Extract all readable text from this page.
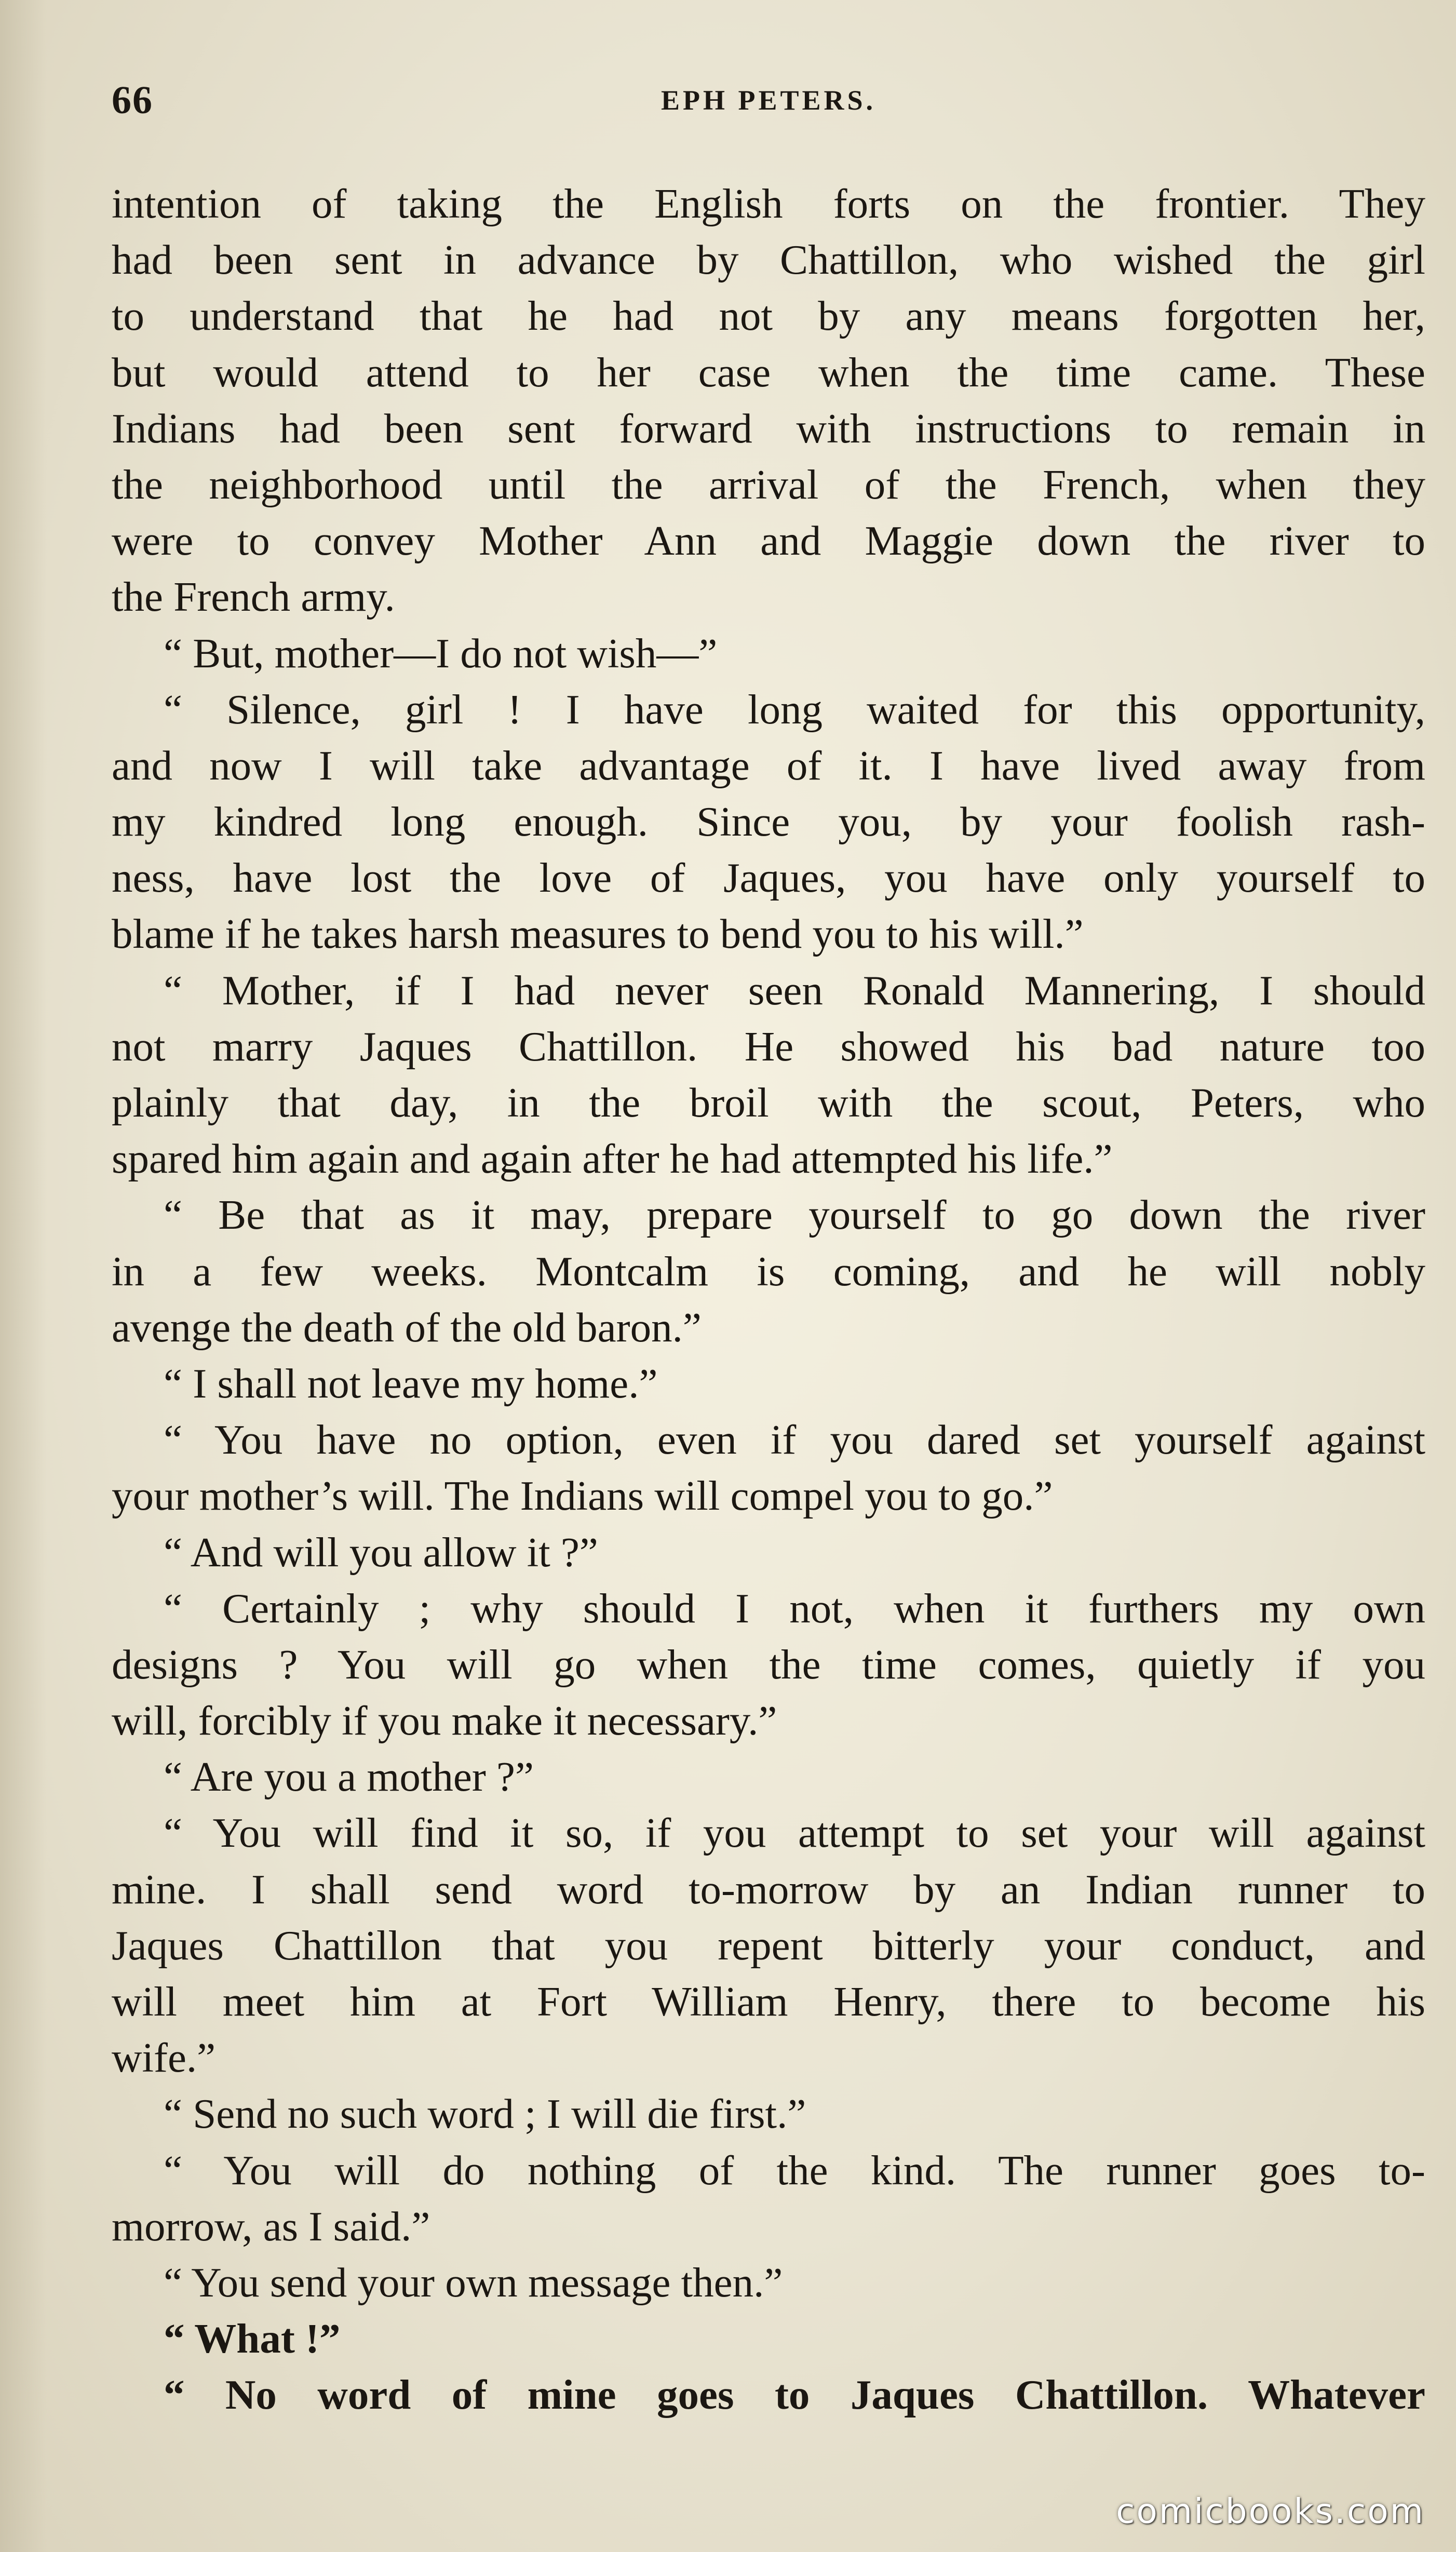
66	EPH PETERS.
intention of taking the English forts on the frontier. They
had been sent in advance by Chattillon, who wished the girl
to understand that he had not by any means forgotten her,
but would attend to her case when the time came. These
Indians had been sent forward with instructions to remain in
the neighborhood until the arrival of the French, when they
were to convey Mother Ann and Maggie down the river to
the French army.
“ But, mother—I do not wish—”
“ Silence, girl ! I have long waited for this opportunity,
and now I will take advantage of it. I have lived away from
my kindred long enough. Since you, by your foolish rash-
ness, have lost the love of Jaques, you have only yourself to
blame if he takes harsh measures to bend you to his will.”
“ Mother, if I had never seen Ronald Mannering, I should
not marry Jaques Chattillon. He showed his bad nature too
plainly that day, in the broil with the scout, Peters, who
spared him again and again after he had attempted his life.”
“ Be that as it may, prepare yourself to go down the river
in a few weeks. Montcalm is coming, and he will nobly
avenge the death of the old baron.”
“ I shall not leave my home.”
“ You have no option, even if you dared set yourself against
your mother’s will. The Indians will compel you to go.”
“ And will you allow it ?”
“ Certainly ; why should I not, when it furthers my own
designs ? You will go when the time comes, quietly if you
will, forcibly if you make it necessary.”
“ Are you a mother ?”
“ You will find it so, if you attempt to set your will against
mine. I shall send word to-morrow by an Indian runner to
Jaques Chattillon that you repent bitterly your conduct, and
will meet him at Fort William Henry, there to become his
wife.”
“ Send no such word ; I will die first.”
“ You will do nothing of the kind. The runner goes to-
morrow, as I said.”
“ You send your own message then.”
“ What !”
“ No word of mine goes to Jaques Chattillon. Whatever
comicbooks.com
